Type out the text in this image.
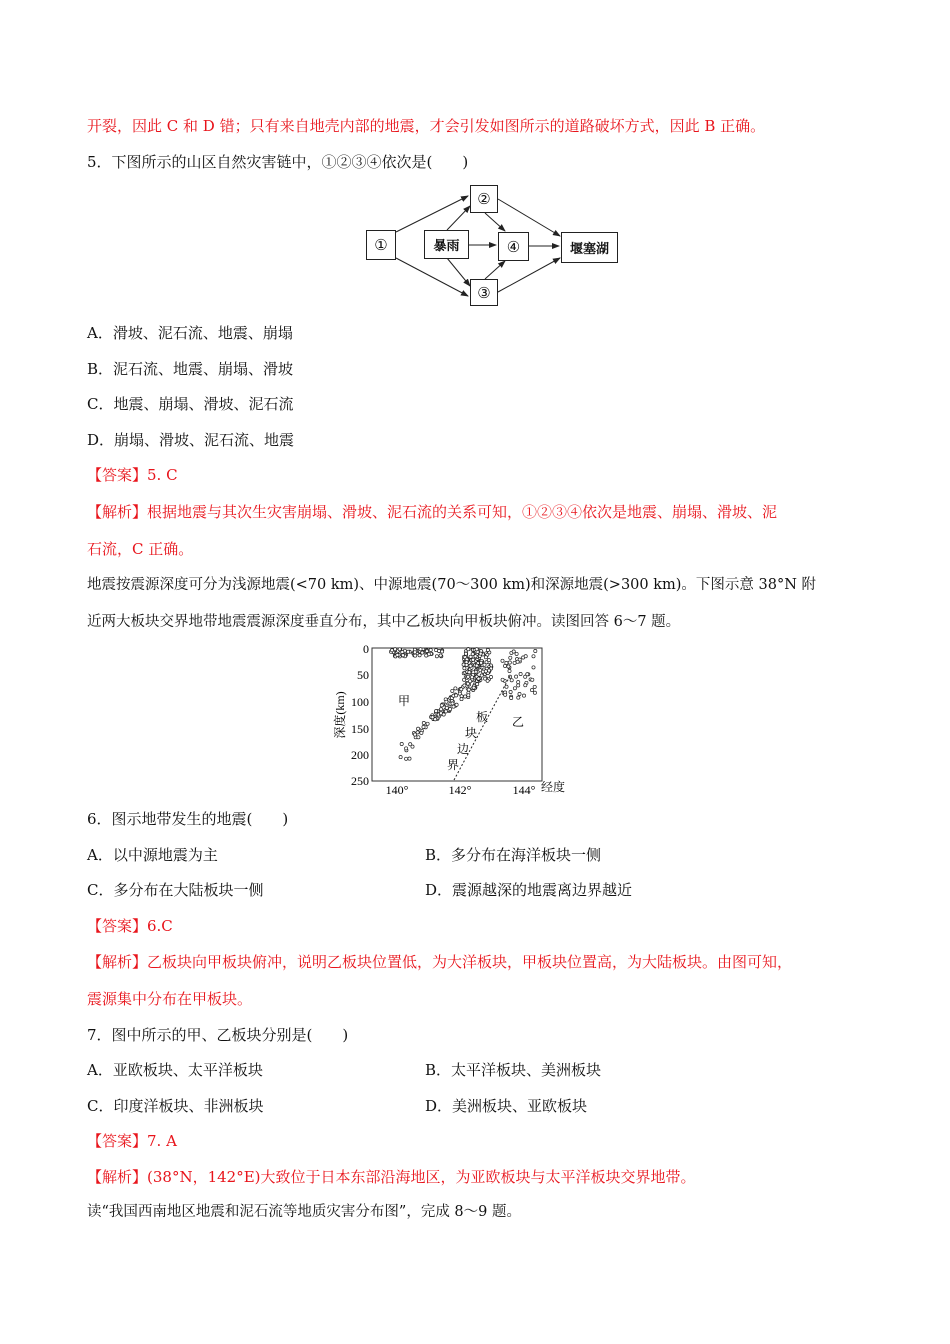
开裂，因此 C 和 D 错；只有来自地壳内部的地震，才会引发如图所示的道路破坏方式，因此 B 正确。
5．下图所示的山区自然灾害链中，①②③④依次是(　　)
①	暴雨
②
④
③
堰塞湖
A．滑坡、泥石流、地震、崩塌
B．泥石流、地震、崩塌、滑坡
C．地震、崩塌、滑坡、泥石流
D．崩塌、滑坡、泥石流、地震
【答案】5. C
【解析】根据地震与其次生灾害崩塌、滑坡、泥石流的关系可知，①②③④依次是地震、崩塌、滑坡、泥
石流，C 正确。
地震按震源深度可分为浅源地震(<70 km)、中源地震(70～300 km)和深源地震(>300 km)。下图示意 38°N 附
近两大板块交界地带地震震源深度垂直分布，其中乙板块向甲板块俯冲。读图回答 6～7 题。
深度(km)
经度
0
50
100
150
200
250
140°	142°	144°
甲
乙
板
块
边
界
6．图示地带发生的地震(　　)
A．以中源地震为主	B．多分布在海洋板块一侧
C．多分布在大陆板块一侧	D．震源越深的地震离边界越近
【答案】6.C
【解析】乙板块向甲板块俯冲，说明乙板块位置低，为大洋板块，甲板块位置高，为大陆板块。由图可知，
震源集中分布在甲板块。
7．图中所示的甲、乙板块分别是(　　)
A．亚欧板块、太平洋板块	B．太平洋板块、美洲板块
C．印度洋板块、非洲板块	D．美洲板块、亚欧板块
【答案】7. A
【解析】(38°N，142°E)大致位于日本东部沿海地区，为亚欧板块与太平洋板块交界地带。
读“我国西南地区地震和泥石流等地质灾害分布图”，完成 8～9 题。
